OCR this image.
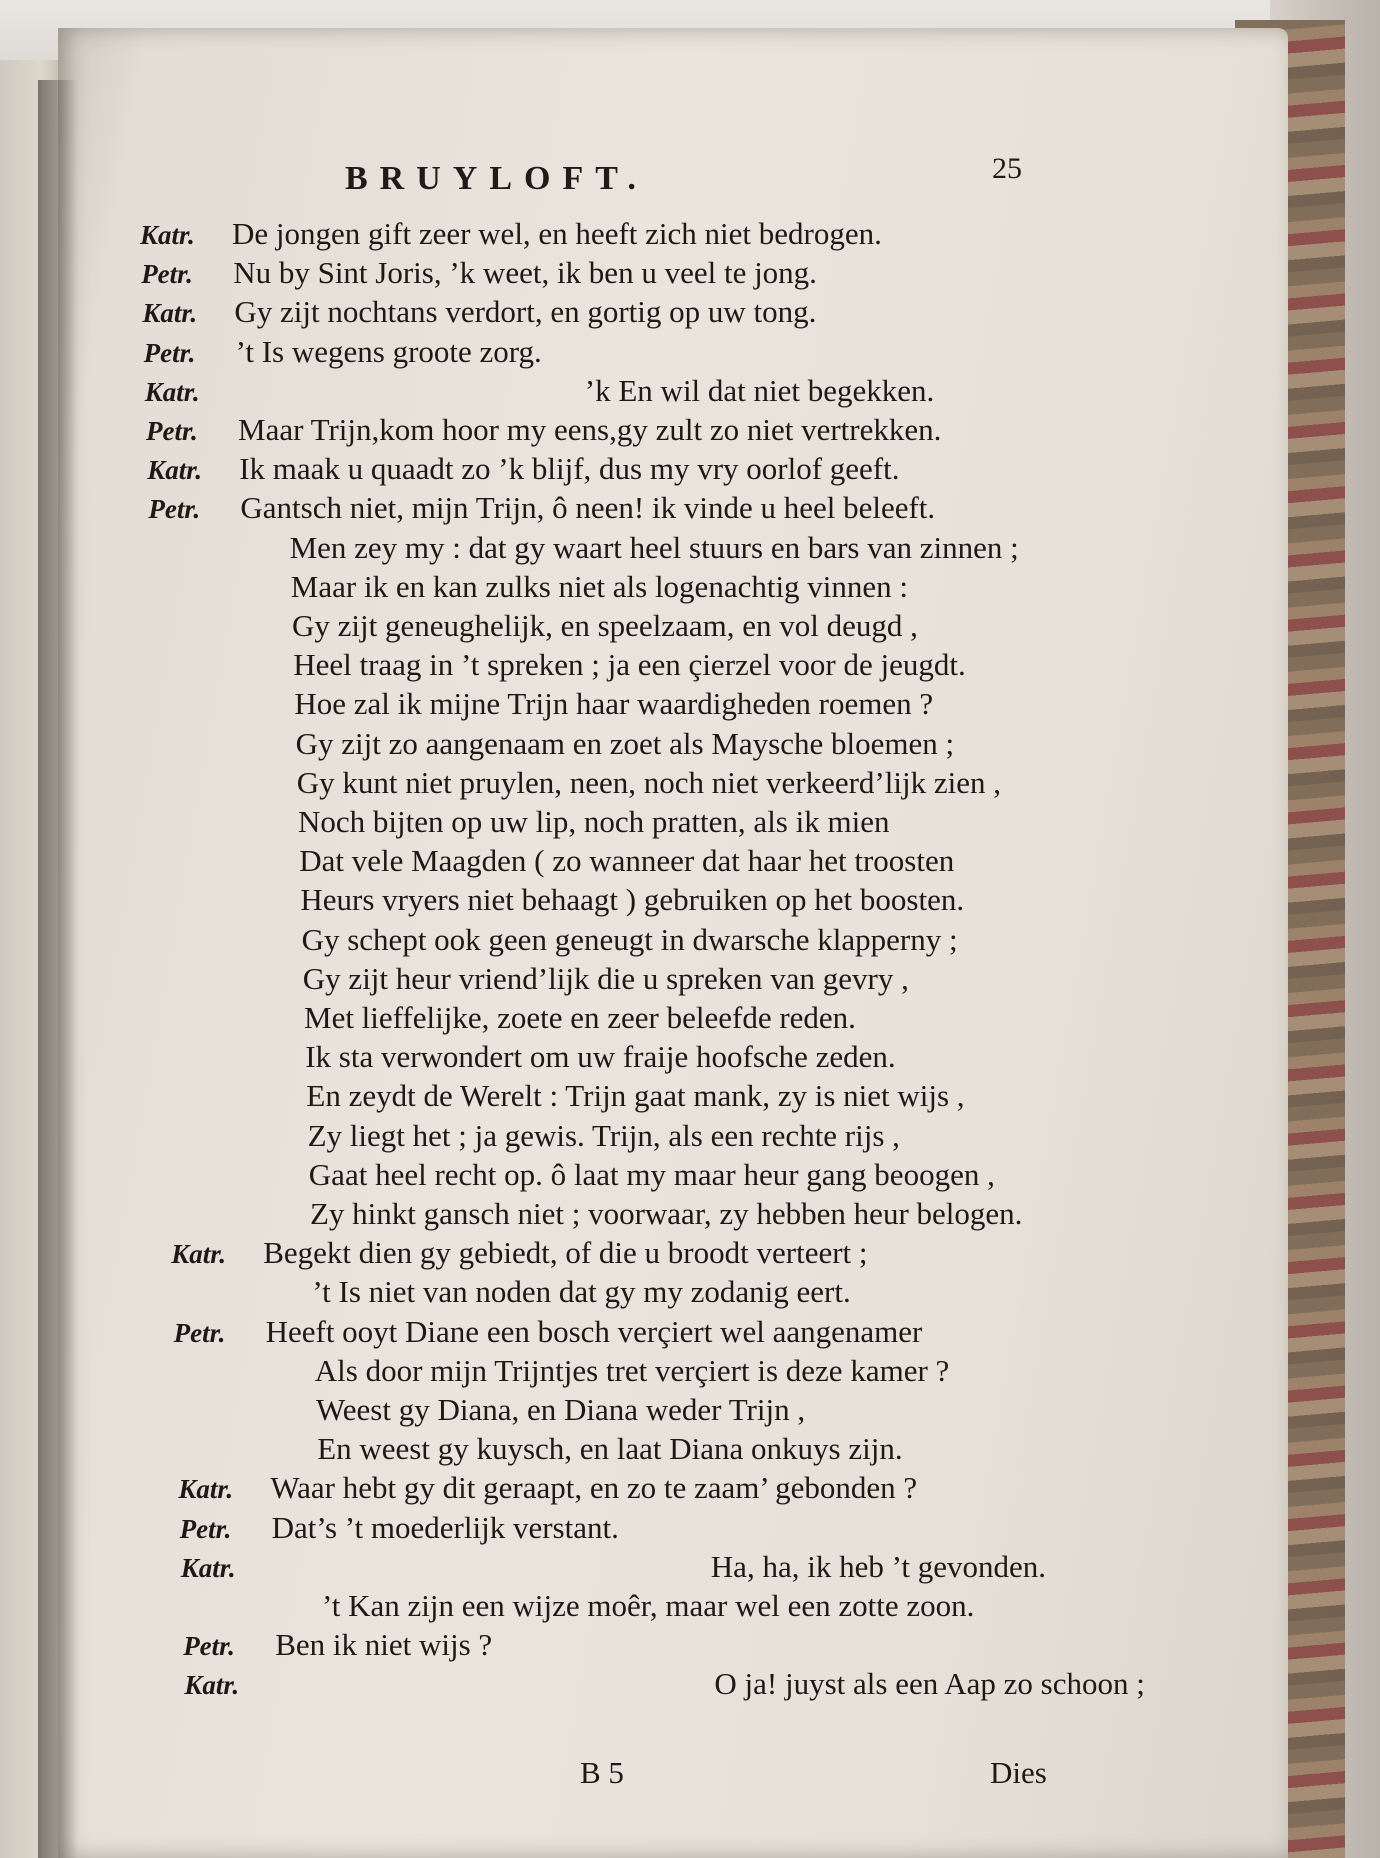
BRUYLOFT.	25
Katr. De jongen gift zeer wel, en heeft zich niet bedrogen.
Petr. Nu by Sint Joris, ’k weet, ik ben u veel te jong.
Katr. Gy zijt nochtans verdort, en gortig op uw tong.
Petr. ’t Is wegens groote zorg.
Katr.	’k En wil dat niet begekken.
Petr. Maar Trijn,kom hoor my eens,gy zult zo niet vertrekken.
Katr. Ik maak u quaadt zo ’k blijf, dus my vry oorlof geeft.
Petr. Gantsch niet, mijn Trijn, ô neen! ik vinde u heel beleeft.
Men zey my : dat gy waart heel stuurs en bars van zinnen ;
Maar ik en kan zulks niet als logenachtig vinnen :
Gy zijt geneughelijk, en speelzaam, en vol deugd ,
Heel traag in ’t spreken ; ja een çierzel voor de jeugdt.
Hoe zal ik mijne Trijn haar waardigheden roemen ?
Gy zijt zo aangenaam en zoet als Maysche bloemen ;
Gy kunt niet pruylen, neen, noch niet verkeerd’lijk zien ,
Noch bijten op uw lip, noch pratten, als ik mien
Dat vele Maagden ( zo wanneer dat haar het troosten
Heurs vryers niet behaagt ) gebruiken op het boosten.
Gy schept ook geen geneugt in dwarsche klapperny ;
Gy zijt heur vriend’lijk die u spreken van gevry ,
Met lieffelijke, zoete en zeer beleefde reden.
Ik sta verwondert om uw fraije hoofsche zeden.
En zeydt de Werelt : Trijn gaat mank, zy is niet wijs ,
Zy liegt het ; ja gewis. Trijn, als een rechte rijs ,
Gaat heel recht op. ô laat my maar heur gang beoogen ,
Zy hinkt gansch niet ; voorwaar, zy hebben heur belogen.
Katr. Begekt dien gy gebiedt, of die u broodt verteert ;
’t Is niet van noden dat gy my zodanig eert.
Petr. Heeft ooyt Diane een bosch verçiert wel aangenamer
Als door mijn Trijntjes tret verçiert is deze kamer ?
Weest gy Diana, en Diana weder Trijn ,
En weest gy kuysch, en laat Diana onkuys zijn.
Katr. Waar hebt gy dit geraapt, en zo te zaam’ gebonden ?
Petr. Dat’s ’t moederlijk verstant.
Katr.	Ha, ha, ik heb ’t gevonden.
’t Kan zijn een wijze moêr, maar wel een zotte zoon.
Petr. Ben ik niet wijs ?
Katr.	O ja! juyst als een Aap zo schoon ;
B 5	Dies
